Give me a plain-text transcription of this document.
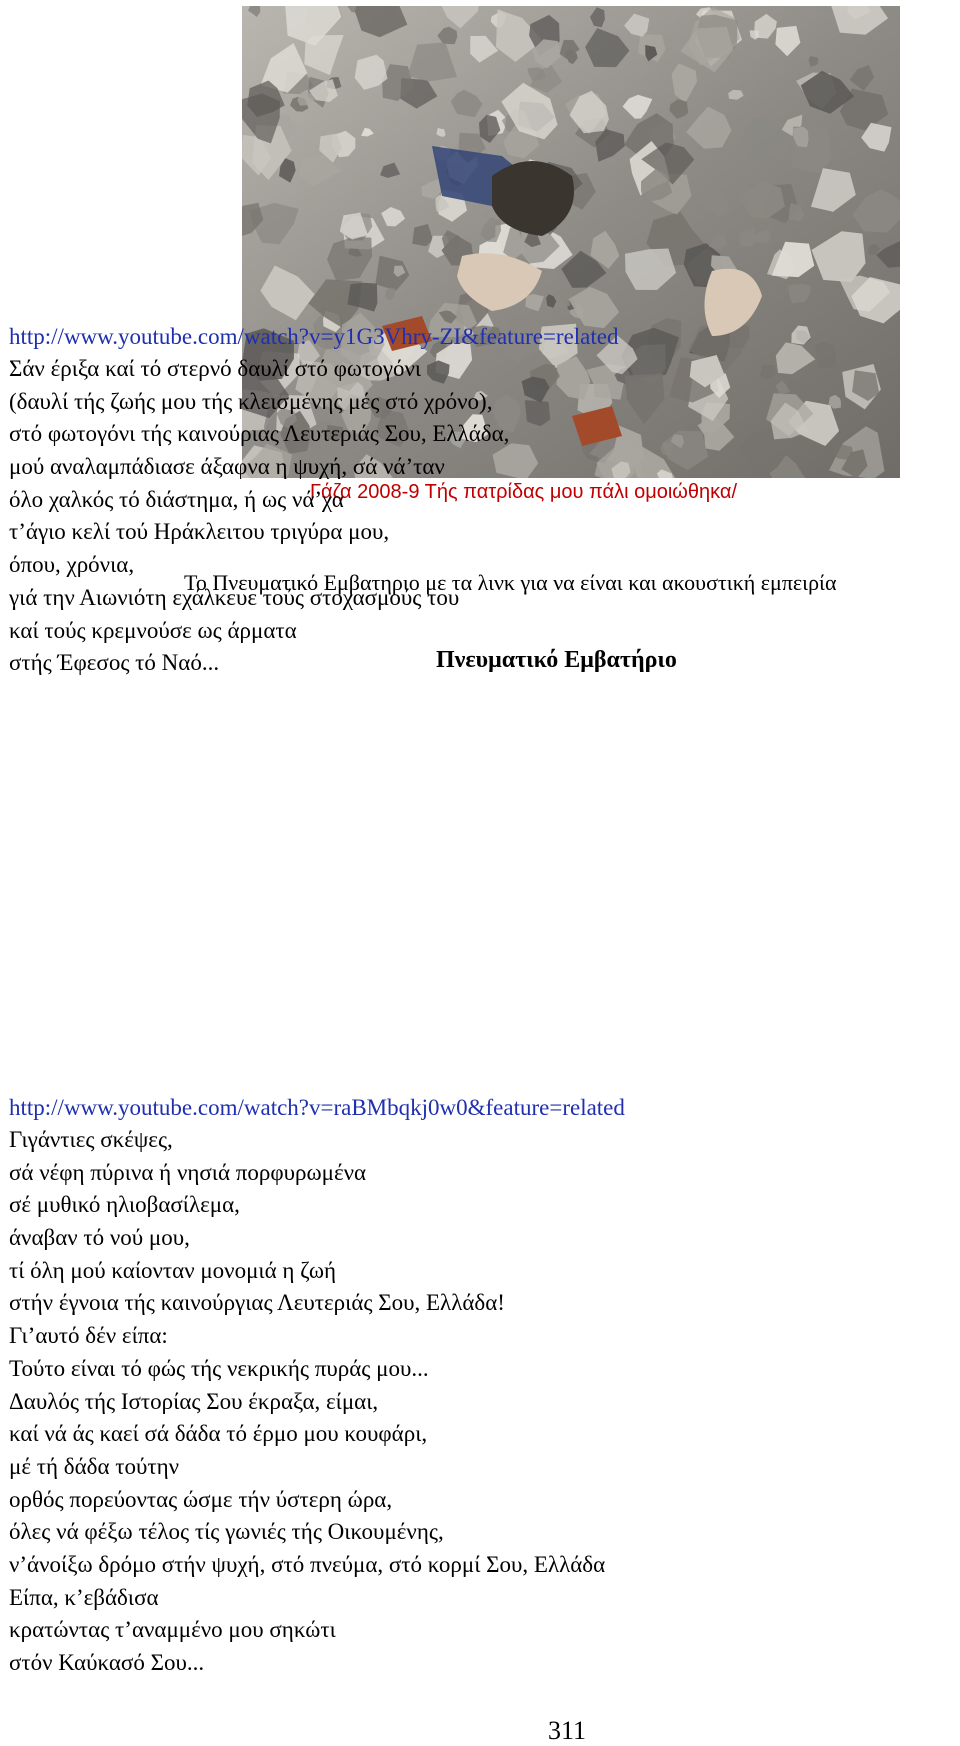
Γάζα 2008-9 Τής πατρίδας μου πάλι ομοιώθηκα/

Το Πνευματικό Εμβατηριο με τα λινκ για να είναι και ακουστική εμπειρία

Πνευματικό Εμβατήριο
http://www.youtube.com/watch?v=y1G3Vhry-ZI&feature=related
Σάν έριξα καί τό στερνό δαυλί στό φωτογόνι
(δαυλί τής ζωής μου τής κλεισμένης μές στό χρόνο),
στό φωτογόνι τής καινούριας Λευτεριάς Σου, Ελλάδα,
μού αναλαμπάδιασε άξαφνα η ψυχή, σά νά’ταν
όλο χαλκός τό διάστημα, ή ως νά’χα
τ’άγιο κελί τού Ηράκλειτου τριγύρα μου,
όπου, χρόνια,
γιά την Αιωνιότη εχάλκευε τούς στοχασμούς του
καί τούς κρεμνούσε ως άρματα
στής Έφεσος τό Ναό...
http://www.youtube.com/watch?v=raBMbqkj0w0&feature=related
Γιγάντιες σκέψες,
σά νέφη πύρινα ή νησιά πορφυρωμένα
σέ μυθικό ηλιοβασίλεμα,
άναβαν τό νού μου,
τί όλη μού καίονταν μονομιά η ζωή
στήν έγνοια τής καινούργιας Λευτεριάς Σου, Ελλάδα!
Γι’αυτό δέν είπα:
Τούτο είναι τό φώς τής νεκρικής πυράς μου...
Δαυλός τής Ιστορίας Σου έκραξα, είμαι,
καί νά άς καεί σά δάδα τό έρμο μου κουφάρι,
μέ τή δάδα τούτην
ορθός πορεύοντας ώσμε τήν ύστερη ώρα,
όλες νά φέξω τέλος τίς γωνιές τής Οικουμένης,
ν’άνοίξω δρόμο στήν ψυχή, στό πνεύμα, στό κορμί Σου, Ελλάδα
Είπα, κ’εβάδισα
κρατώντας τ’αναμμένο μου σηκώτι
στόν Καύκασό Σου...

311
